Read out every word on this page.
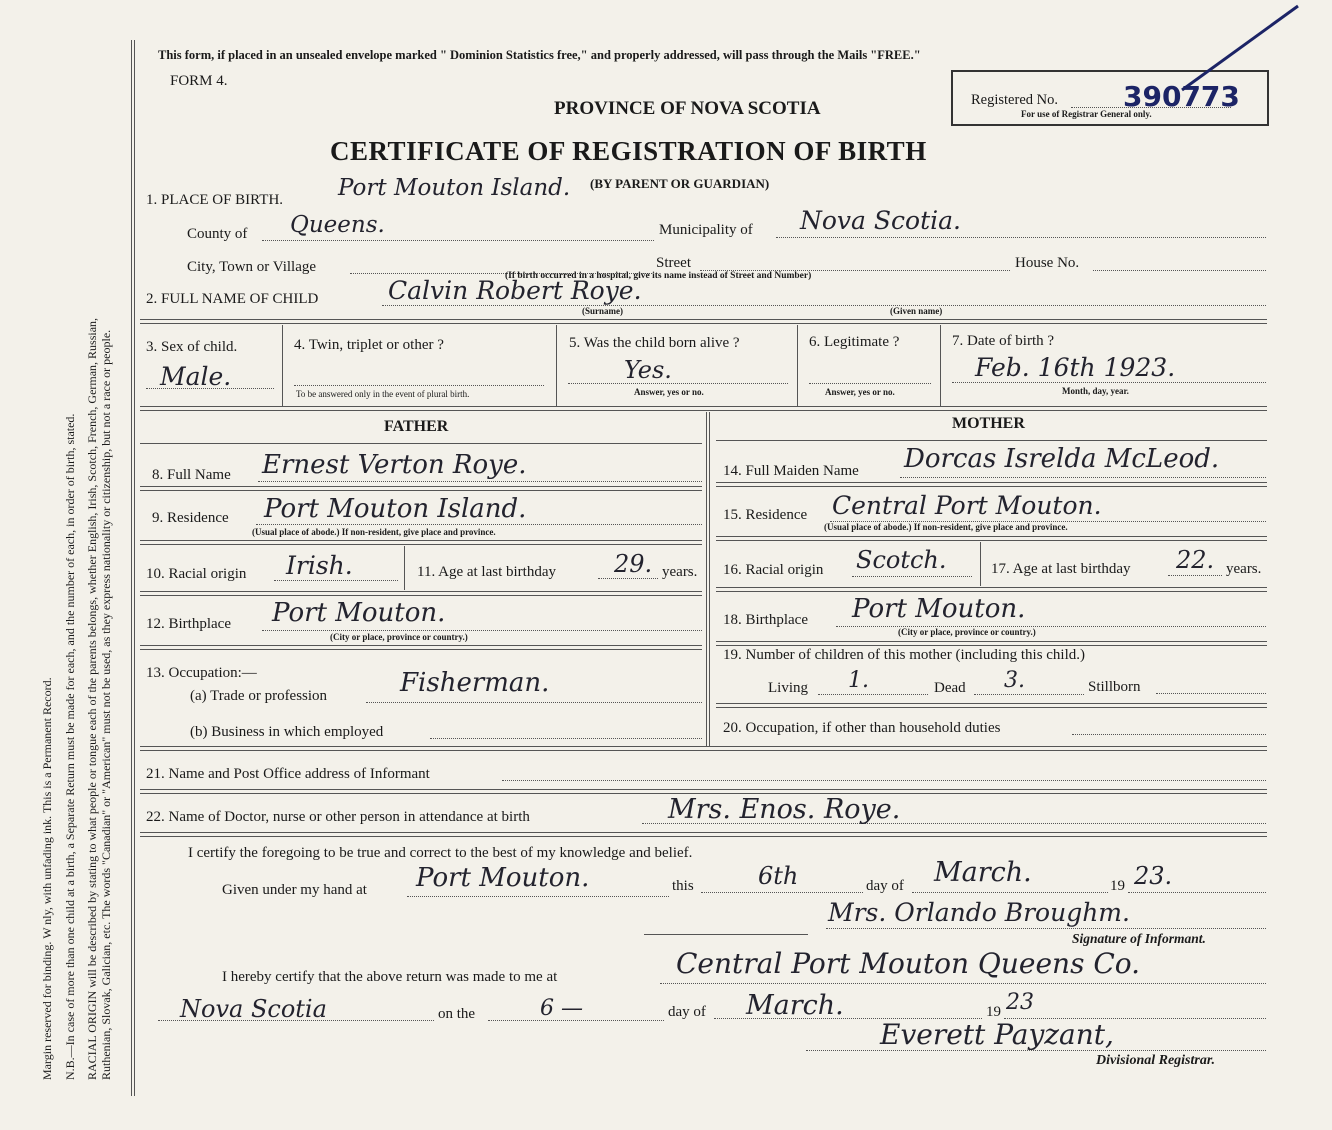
Margin reserved for binding. W nly, with unfading ink. This is a Permanent Record. N.B.—In case of more than one child at a birth, a Separate Return must be made for each, and the number of each, in order of birth, stated. RACIAL ORIGIN will be described by stating to what people or tongue each of the parents belongs, whether English, Irish, Scotch, French, German, Russian, Ruthenian, Slovak, Galician, etc. The words "Canadian" or "American" must not be used, as they express nationality or citizenship, but not a race or people.
This form, if placed in an unsealed envelope marked " Dominion Statistics free," and properly addressed, will pass through the Mails "FREE."
FORM 4.
PROVINCE OF NOVA SCOTIA	Registered No. 390773
For use of Registrar General only.
CERTIFICATE OF REGISTRATION OF BIRTH
1. PLACE OF BIRTH. Port Mouton Island. (BY PARENT OR GUARDIAN)
County of Queens.	Municipality of Nova Scotia.
City, Town or Village	Street	House No.
(If birth occurred in a hospital, give its name instead of Street and Number)
2. FULL NAME OF CHILD	Calvin Robert Roye.
(Surname)	(Given name)
3. Sex of child.
Male.
4. Twin, triplet or other ?
To be answered only in the event of plural birth.
5. Was the child born alive ?
Yes.
Answer, yes or no.
6. Legitimate ?
Answer, yes or no.
7. Date of birth ?
Feb. 16th 1923.
Month, day, year.
FATHER
8. Full Name Ernest Verton Roye.
9. Residence Port Mouton Island.
(Usual place of abode.) If non-resident, give place and province.
10. Racial origin Irish.	11. Age at last birthday 29. years.
12. Birthplace Port Mouton.
(City or place, province or country.)
13. Occupation:—
(a) Trade or profession	Fisherman.
(b) Business in which employed
MOTHER
14. Full Maiden Name Dorcas Isrelda McLeod.
15. Residence Central Port Mouton.
(Usual place of abode.) If non-resident, give place and province.
16. Racial origin Scotch.	17. Age at last birthday 22. years.
18. Birthplace Port Mouton.
(City or place, province or country.)
19. Number of children of this mother (including this child.)
Living 1.	Dead 3.	Stillborn
20. Occupation, if other than household duties
21. Name and Post Office address of Informant
22. Name of Doctor, nurse or other person in attendance at birth	Mrs. Enos. Roye.
I certify the foregoing to be true and correct to the best of my knowledge and belief.
Given under my hand at Port Mouton.	this	6th	day of March.	19 23.
Mrs. Orlando Broughm.
Signature of Informant.
I hereby certify that the above return was made to me at	Central Port Mouton Queens Co.
Nova Scotia	on the	6 —	day of March.	19 23
Everett Payzant,
Divisional Registrar.
